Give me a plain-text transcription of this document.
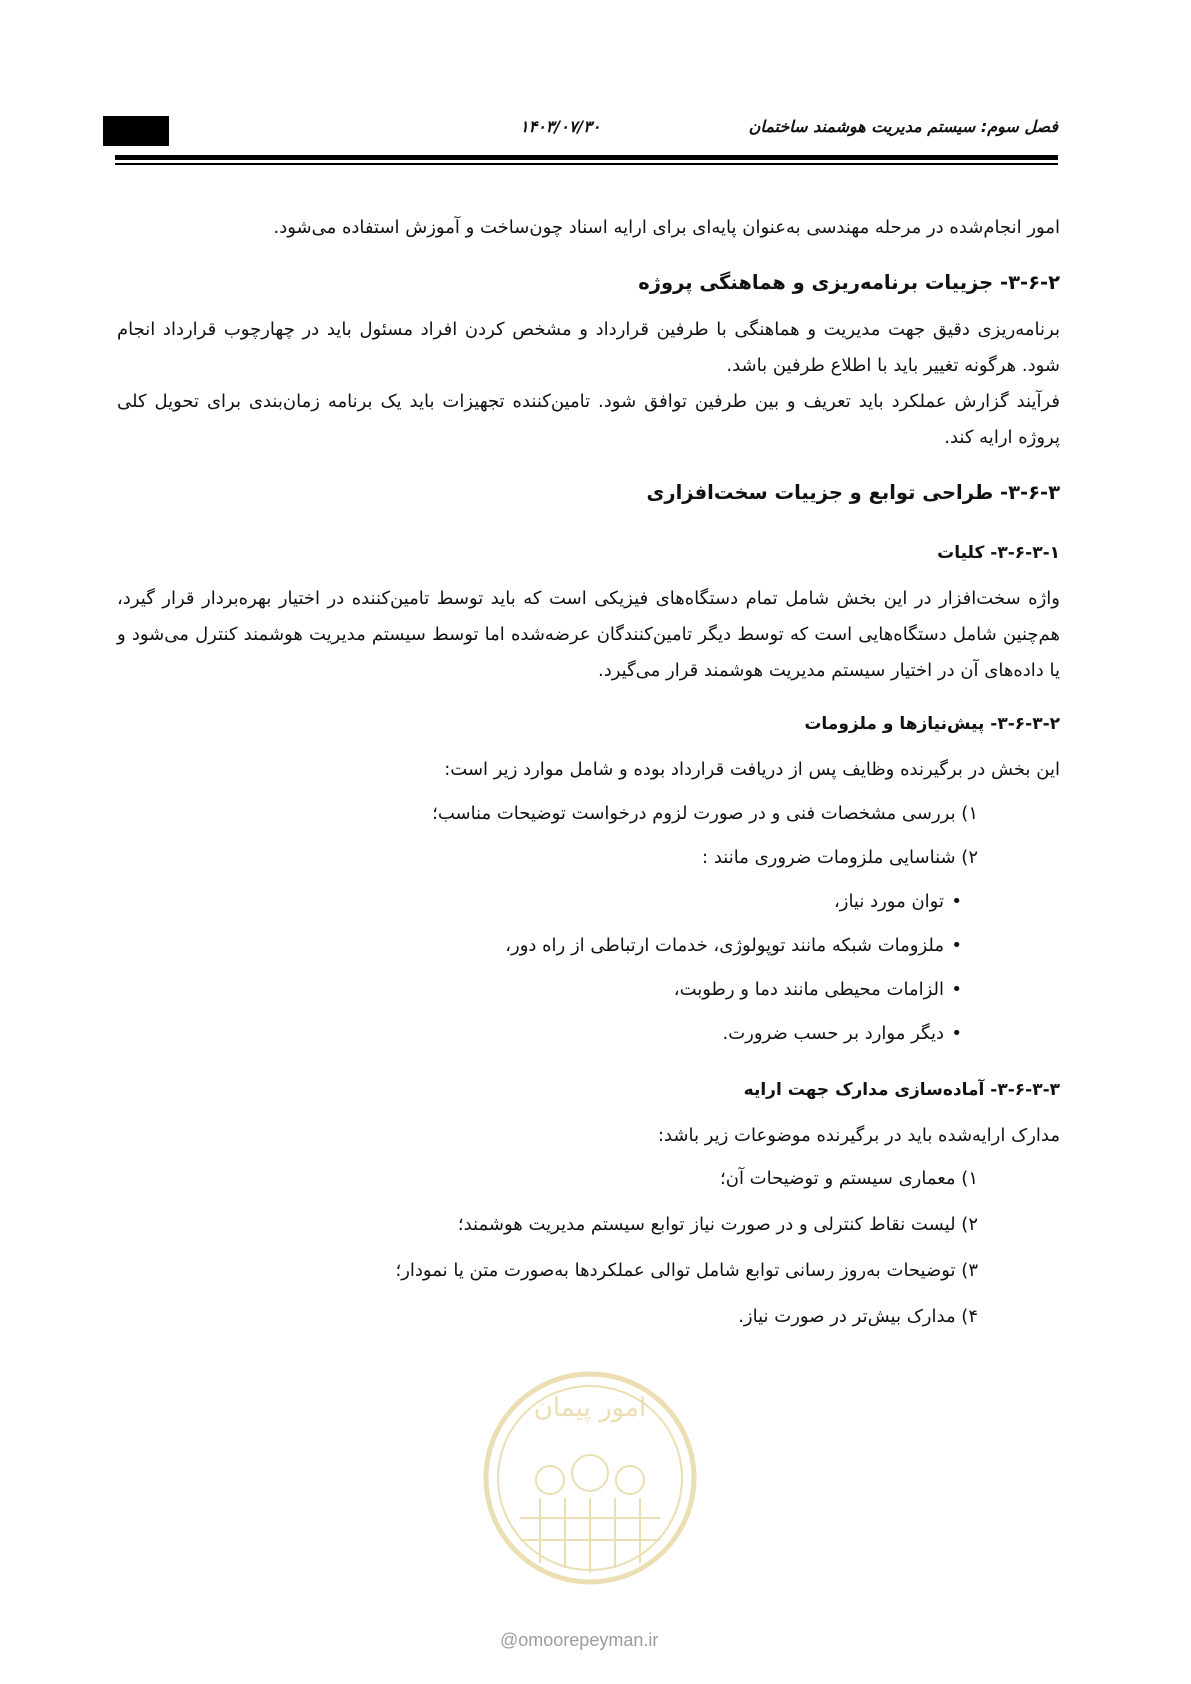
فصل سوم: سیستم مدیریت هوشمند ساختمان
۱۴۰۳/۰۷/۳۰

امور انجام‌شده در مرحله مهندسی به‌عنوان پایه‌ای برای ارایه اسناد چون‌ساخت و آموزش استفاده می‌شود.

۳-۶-۲- جزییات برنامه‌ریزی و هماهنگی پروژه

برنامه‌ریزی دقیق جهت مدیریت و هماهنگی با طرفین قرارداد و مشخص کردن افراد مسئول باید در چهارچوب قرارداد انجام شود. هرگونه تغییر باید با اطلاع طرفین باشد.

فرآیند گزارش عملکرد باید تعریف و بین طرفین توافق شود. تامین‌کننده تجهیزات باید یک برنامه زمان‌بندی برای تحویل کلی پروژه ارایه کند.

۳-۶-۳- طراحی توابع و جزییات سخت‌افزاری

۳-۶-۳-۱- کلیات

واژه سخت‌افزار در این بخش شامل تمام دستگاه‌های فیزیکی است که باید توسط تامین‌کننده در اختیار بهره‌بردار قرار گیرد، هم‌چنین شامل دستگاه‌هایی است که توسط دیگر تامین‌کنندگان عرضه‌شده اما توسط سیستم مدیریت هوشمند کنترل می‌شود و یا داده‌های آن در اختیار سیستم مدیریت هوشمند قرار می‌گیرد.

۳-۶-۳-۲- پیش‌نیازها و ملزومات

این بخش در برگیرنده وظایف پس از دریافت قرارداد بوده و شامل موارد زیر است:

۱) بررسی مشخصات فنی و در صورت لزوم درخواست توضیحات مناسب؛

۲) شناسایی ملزومات ضروری مانند :

•توان مورد نیاز،

•ملزومات شبکه مانند توپولوژی، خدمات ارتباطی از راه دور،

•الزامات محیطی مانند دما و رطوبت،

•دیگر موارد بر حسب ضرورت.

۳-۶-۳-۳- آماده‌سازی مدارک جهت ارایه

مدارک ارایه‌شده باید در برگیرنده موضوعات زیر باشد:

۱) معماری سیستم و توضیحات آن؛

۲) لیست نقاط کنترلی و در صورت نیاز توابع سیستم مدیریت هوشمند؛

۳) توضیحات به‌روز رسانی توابع شامل توالی عملکردها به‌صورت متن یا نمودار؛

۴) مدارک بیش‌تر در صورت نیاز.

امور پیمان
@omoorepeyman.ir
